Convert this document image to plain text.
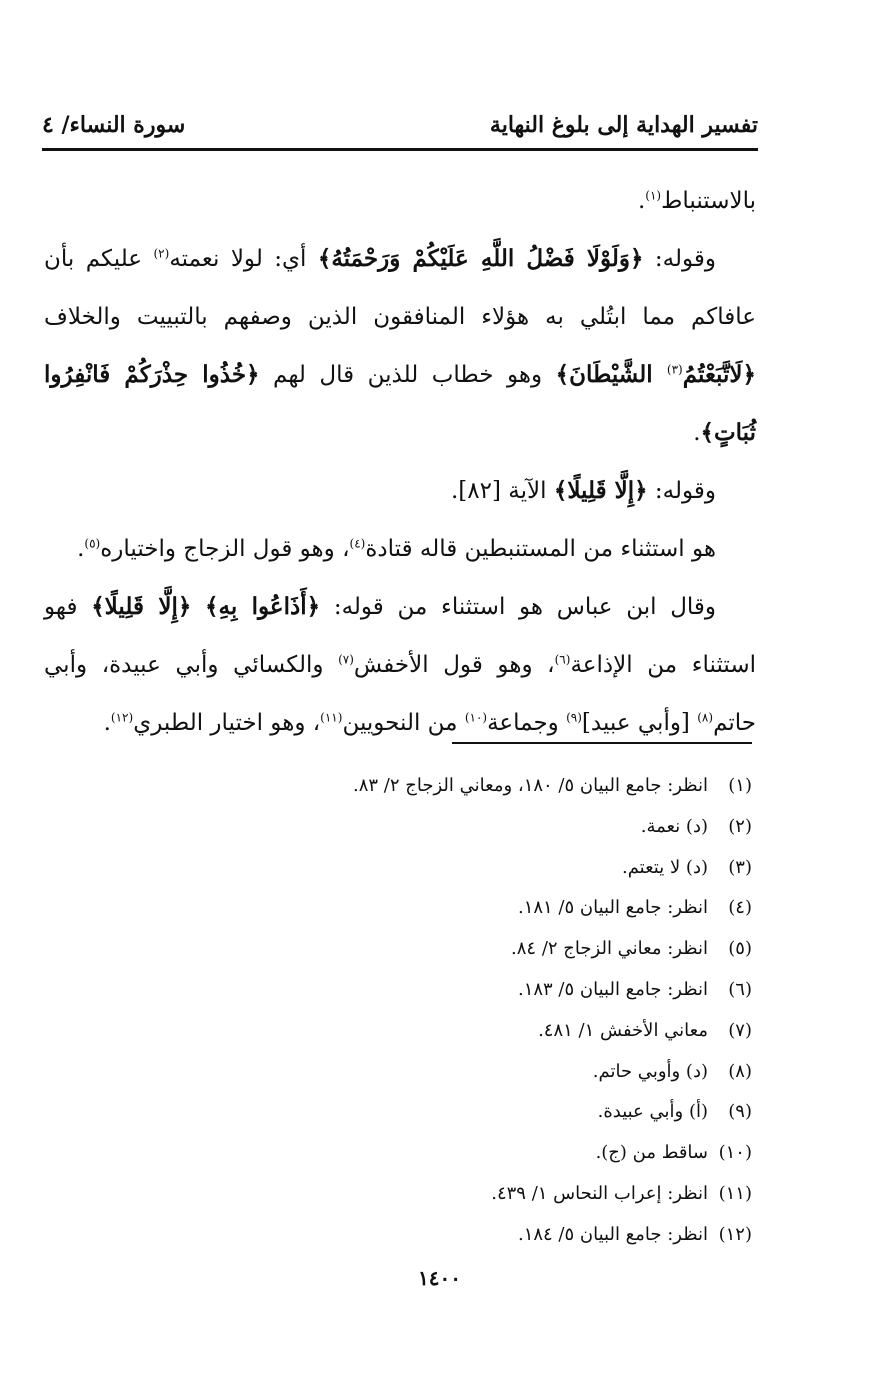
تفسير الهداية إلى بلوغ النهاية
سورة النساء/ ٤

بالاستنباط$^{(١)}$.

وقوله: ﴿وَلَوْلَا فَضْلُ اللَّهِ عَلَيْكُمْ وَرَحْمَتُهُ﴾ أي: لولا نعمته$^{(٢)}$ عليكم بأن عافاكم مما ابتُلي به هؤلاء المنافقون الذين وصفهم بالتبييت والخلاف ﴿لَاتَّبَعْتُمُ$^{(٣)}$ الشَّيْطَانَ﴾ وهو خطاب للذين قال لهم ﴿خُذُوا حِذْرَكُمْ فَانْفِرُوا ثُبَاتٍ﴾.

وقوله: ﴿إِلَّا قَلِيلًا﴾ الآية [٨٢].

هو استثناء من المستنبطين قاله قتادة$^{(٤)}$، وهو قول الزجاج واختياره$^{(٥)}$.

وقال ابن عباس هو استثناء من قوله: ﴿أَذَاعُوا بِهِ﴾ ﴿إِلَّا قَلِيلًا﴾ فهو استثناء من الإذاعة$^{(٦)}$، وهو قول الأخفش$^{(٧)}$ والكسائي وأبي عبيدة، وأبي حاتم$^{(٨)}$ [وأبي عبيد]$^{(٩)}$ وجماعة$^{(١٠)}$ من النحويين$^{(١١)}$، وهو اختيار الطبري$^{(١٢)}$.

(١)انظر: جامع البيان ٥/ ١٨٠، ومعاني الزجاج ٢/ ٨٣.
(٢)(د) نعمة.
(٣)(د) لا يتعتم.
(٤)انظر: جامع البيان ٥/ ١٨١.
(٥)انظر: معاني الزجاج ٢/ ٨٤.
(٦)انظر: جامع البيان ٥/ ١٨٣.
(٧)معاني الأخفش ١/ ٤٨١.
(٨)(د) وأوبي حاتم.
(٩)(أ) وأبي عبيدة.
(١٠)ساقط من (ج).
(١١)انظر: إعراب النحاس ١/ ٤٣٩.
(١٢)انظر: جامع البيان ٥/ ١٨٤.
١٤٠٠
